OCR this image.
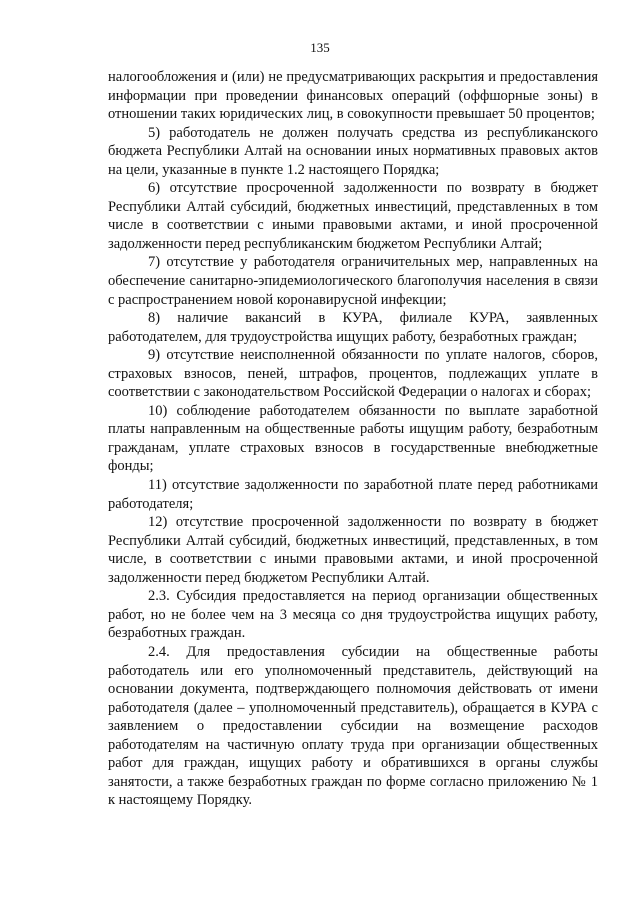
135

налогообложения и (или) не предусматривающих раскрытия и предоставления информации при проведении финансовых операций (оффшорные зоны) в отношении таких юридических лиц, в совокупности превышает 50 процентов;

5) работодатель не должен получать средства из республиканского бюджета Республики Алтай на основании иных нормативных правовых актов на цели, указанные в пункте 1.2 настоящего Порядка;

6) отсутствие просроченной задолженности по возврату в бюджет Республики Алтай субсидий, бюджетных инвестиций, представленных в том числе в соответствии с иными правовыми актами, и иной просроченной задолженности перед республиканским бюджетом Республики Алтай;

7) отсутствие у работодателя ограничительных мер, направленных на обеспечение санитарно-эпидемиологического благополучия населения в связи с распространением новой коронавирусной инфекции;

8) наличие вакансий в КУРА, филиале КУРА, заявленных работодателем, для трудоустройства ищущих работу, безработных граждан;

9) отсутствие неисполненной обязанности по уплате налогов, сборов, страховых взносов, пеней, штрафов, процентов, подлежащих уплате в соответствии с законодательством Российской Федерации о налогах и сборах;

10) соблюдение работодателем обязанности по выплате заработной платы направленным на общественные работы ищущим работу, безработным гражданам, уплате страховых взносов в государственные внебюджетные фонды;

11) отсутствие задолженности по заработной плате перед работниками работодателя;

12) отсутствие просроченной задолженности по возврату в бюджет Республики Алтай субсидий, бюджетных инвестиций, представленных, в том числе, в соответствии с иными правовыми актами, и иной просроченной задолженности перед бюджетом Республики Алтай.

2.3. Субсидия предоставляется на период организации общественных работ, но не более чем на 3 месяца со дня трудоустройства ищущих работу, безработных граждан.

2.4. Для предоставления субсидии на общественные работы работодатель или его уполномоченный представитель, действующий на основании документа, подтверждающего полномочия действовать от имени работодателя (далее – уполномоченный представитель), обращается в КУРА с заявлением о предоставлении субсидии на возмещение расходов работодателям на частичную оплату труда при организации общественных работ для граждан, ищущих работу и обратившихся в органы службы занятости, а также безработных граждан по форме согласно приложению № 1 к настоящему Порядку.
